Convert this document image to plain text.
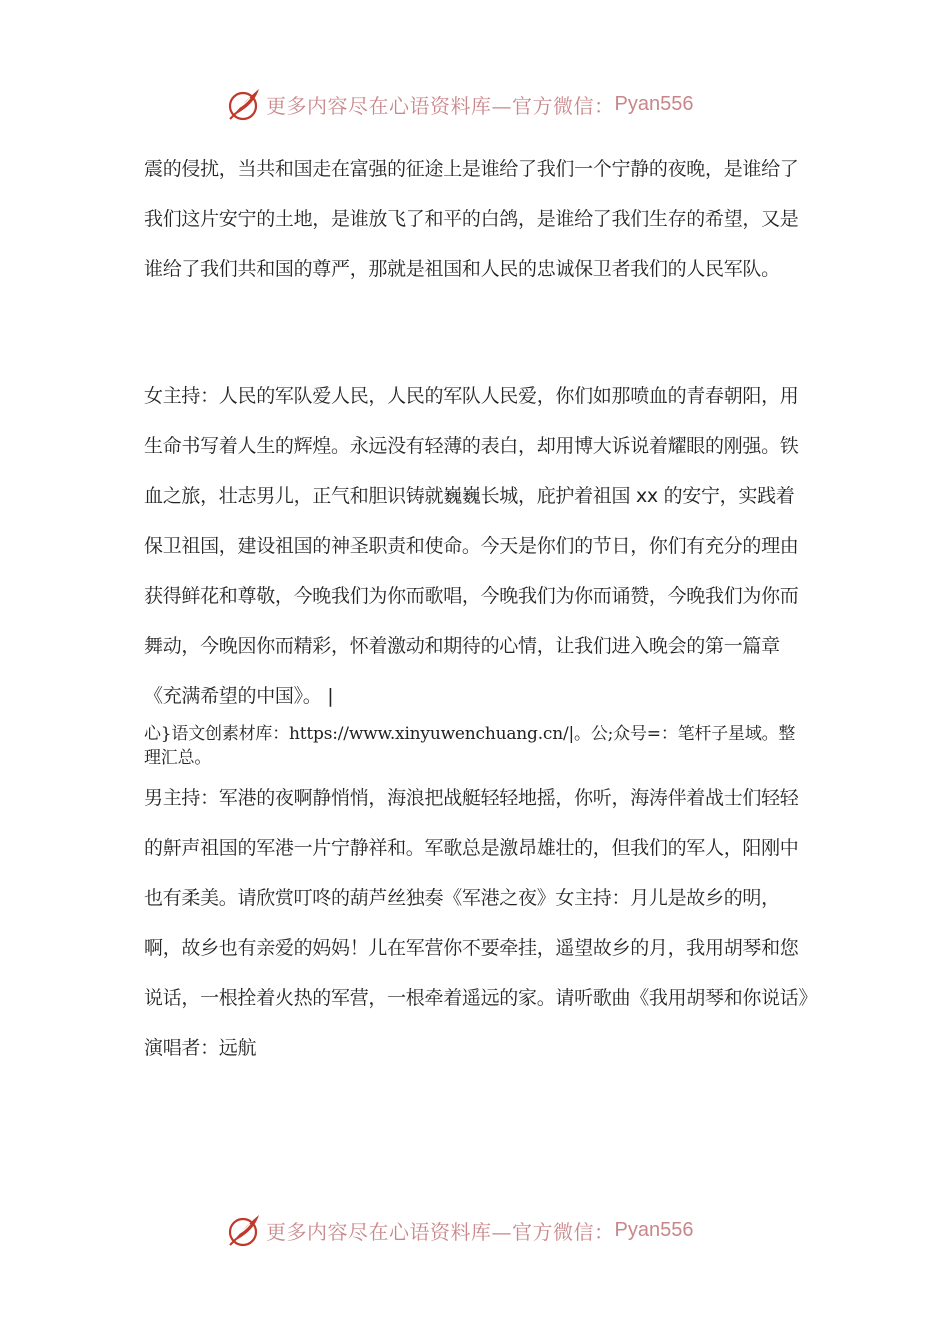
更多内容尽在心语资料库—官方微信： Pyan556

震的侵扰，当共和国走在富强的征途上是谁给了我们一个宁静的夜晚，是谁给了我们这片安宁的土地，是谁放飞了和平的白鸽，是谁给了我们生存的希望，又是谁给了我们共和国的尊严，那就是祖国和人民的忠诚保卫者我们的人民军队。

女主持：人民的军队爱人民，人民的军队人民爱，你们如那喷血的青春朝阳，用生命书写着人生的辉煌。永远没有轻薄的表白，却用博大诉说着耀眼的刚强。铁血之旅，壮志男儿，正气和胆识铸就巍巍长城，庇护着祖国 xx 的安宁，实践着保卫祖国，建设祖国的神圣职责和使命。今天是你们的节日，你们有充分的理由获得鲜花和尊敬，今晚我们为你而歌唱，今晚我们为你而诵赞，今晚我们为你而舞动，今晚因你而精彩，怀着激动和期待的心情，让我们进入晚会的第一篇章《充满希望的中国》。 |

心}语文创素材库：https://www.xinyuwenchuang.cn/|。公;众号=：笔杆子星域。整理汇总。

男主持：军港的夜啊静悄悄，海浪把战艇轻轻地摇，你听，海涛伴着战士们轻轻的鼾声祖国的军港一片宁静祥和。军歌总是激昂雄壮的，但我们的军人，阳刚中也有柔美。请欣赏叮咚的葫芦丝独奏《军港之夜》女主持：月儿是故乡的明，啊，故乡也有亲爱的妈妈！儿在军营你不要牵挂，遥望故乡的月，我用胡琴和您说话，一根拴着火热的军营，一根牵着遥远的家。请听歌曲《我用胡琴和你说话》演唱者：远航

更多内容尽在心语资料库—官方微信： Pyan556
